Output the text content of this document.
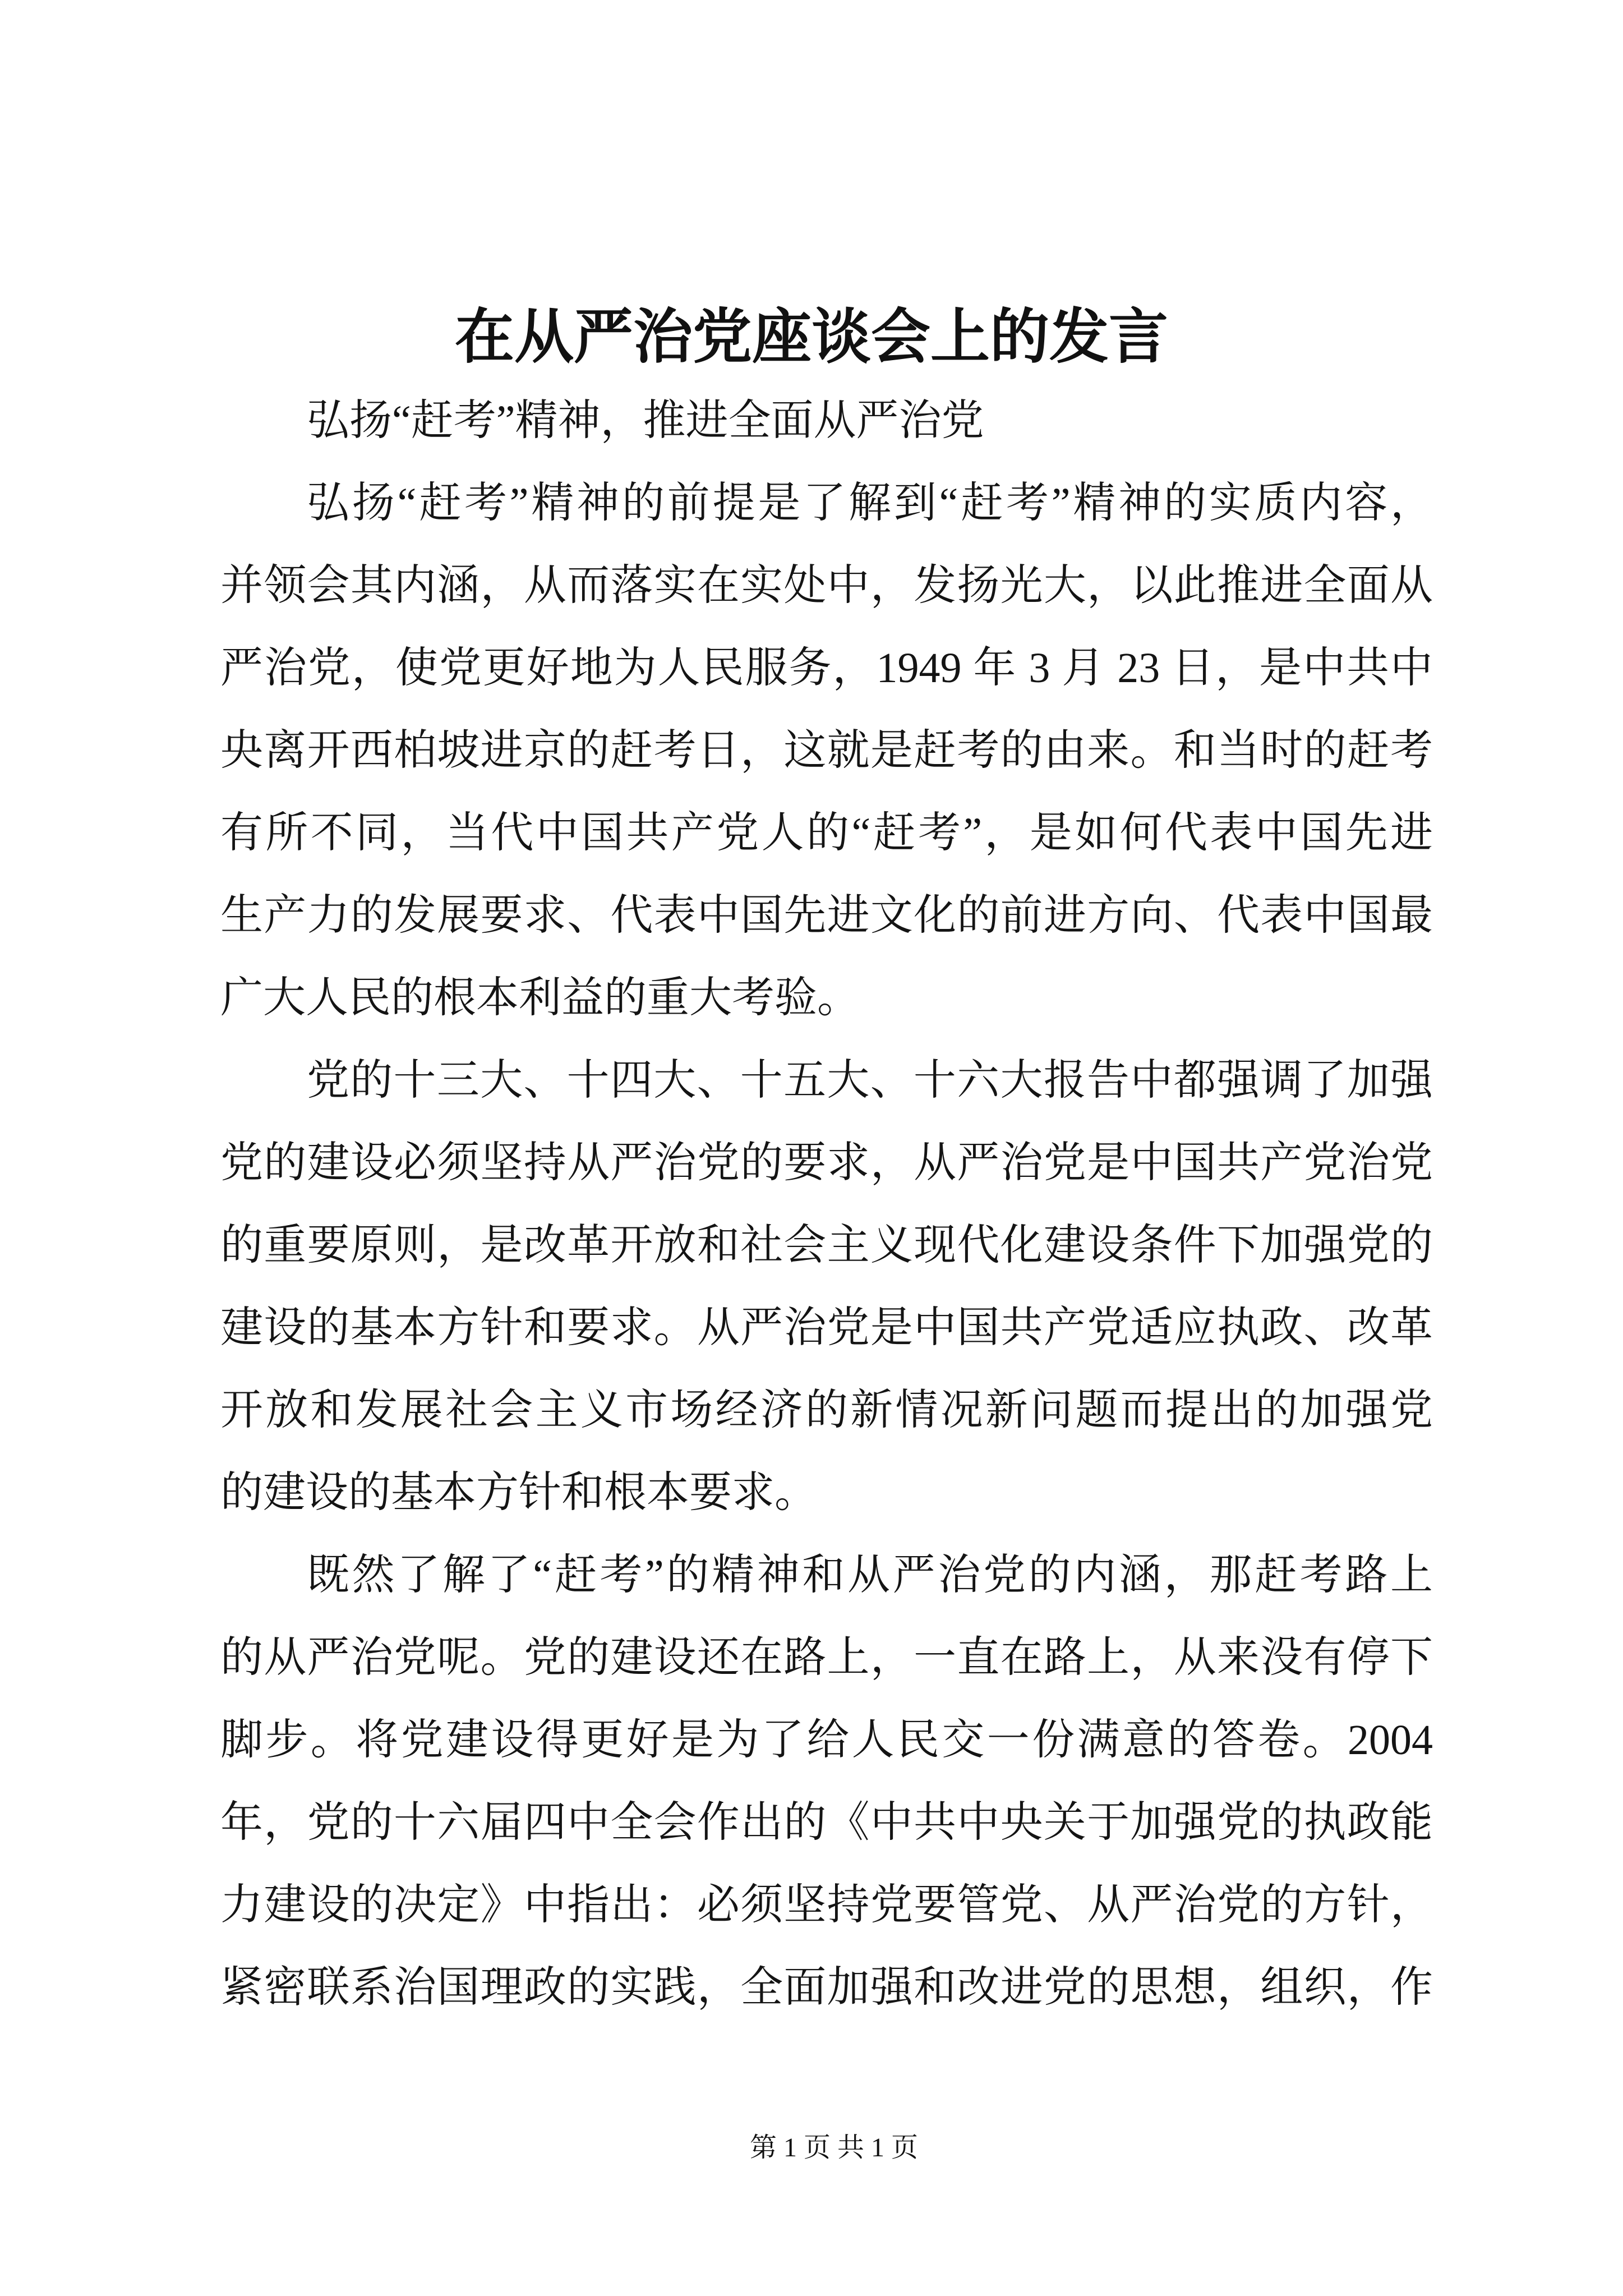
在从严治党座谈会上的发言
弘扬“赶考”精神，推进全面从严治党
弘扬“赶考”精神的前提是了解到“赶考”精神的实质内容，
并领会其内涵，从而落实在实处中，发扬光大，以此推进全面从
严治党，使党更好地为人民服务，1949 年 3 月 23 日，是中共中
央离开西柏坡进京的赶考日，这就是赶考的由来。和当时的赶考
有所不同，当代中国共产党人的“赶考”，是如何代表中国先进
生产力的发展要求、代表中国先进文化的前进方向、代表中国最
广大人民的根本利益的重大考验。
党的十三大、十四大、十五大、十六大报告中都强调了加强
党的建设必须坚持从严治党的要求，从严治党是中国共产党治党
的重要原则，是改革开放和社会主义现代化建设条件下加强党的
建设的基本方针和要求。从严治党是中国共产党适应执政、改革
开放和发展社会主义市场经济的新情况新问题而提出的加强党
的建设的基本方针和根本要求。
既然了解了“赶考”的精神和从严治党的内涵，那赶考路上
的从严治党呢。党的建设还在路上，一直在路上，从来没有停下
脚步。将党建设得更好是为了给人民交一份满意的答卷。2004
年，党的十六届四中全会作出的《中共中央关于加强党的执政能
力建设的决定》中指出：必须坚持党要管党、从严治党的方针，
紧密联系治国理政的实践，全面加强和改进党的思想，组织，作
第 1 页 共 1 页
